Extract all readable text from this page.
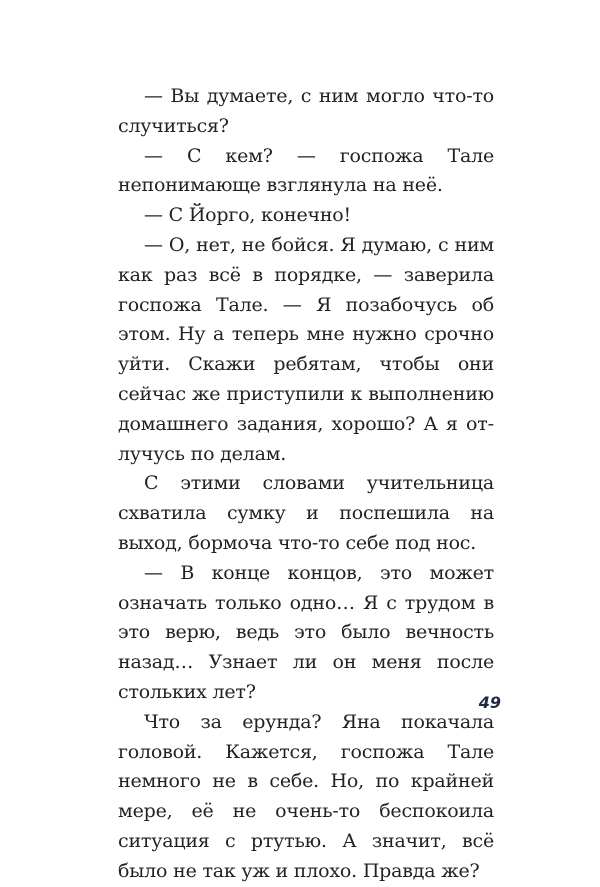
— Вы думаете, с ним могло что-то случиться?

— С кем? — госпожа Тале непонимающе взглянула на неё.

— С Йорго, конечно!

— О, нет, не бойся. Я думаю, с ним как раз всё в порядке, — заверила госпожа Тале. — Я позабочусь об этом. Ну а теперь мне нужно срочно уйти. Скажи ребятам, чтобы они сейчас же приступили к выполнению домашнего задания, хорошо? А я отлучусь по делам.

С этими словами учительница схватила сумку и поспешила на выход, бормоча что-то себе под нос.

— В конце концов, это может означать только одно… Я с трудом в это верю, ведь это было вечность назад… Узнает ли он меня после стольких лет?

Что за ерунда? Яна покачала головой. Кажется, госпожа Тале немного не в себе. Но, по крайней мере, её не очень-то беспокоила ситуация с ртутью. А значит, всё было не так уж и плохо. Правда же?

49
